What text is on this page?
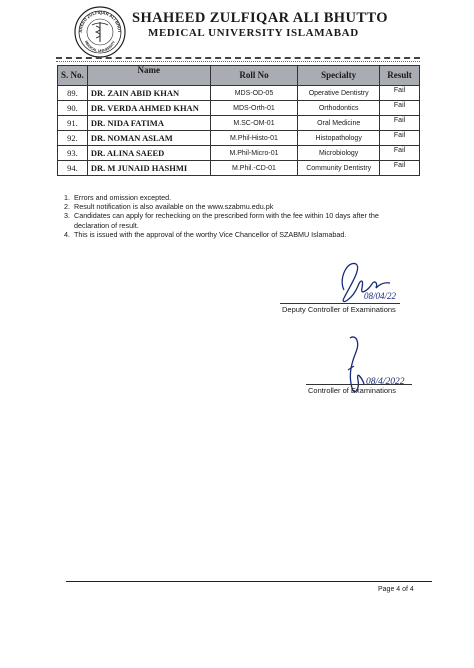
AHEED ZULFIQAR ALI BHUT
MEDICAL UNIVERSITY
SHAHEED ZULFIQAR ALI BHUTTO
MEDICAL UNIVERSITY ISLAMABAD
S. No.	Name	Roll No	Specialty	Result
89.	DR. ZAIN ABID KHAN	MDS-OD-05	Operative Dentistry	Fail
90.	DR. VERDA AHMED KHAN	MDS-Orth-01	Orthodontics	Fail
91.	DR. NIDA FATIMA	M.SC-OM-01	Oral Medicine	Fail
92.	DR. NOMAN ASLAM	M.Phil-Histo-01	Histopathology	Fail
93.	DR. ALINA SAEED	M.Phil-Micro-01	Microbiology	Fail
94.	DR. M JUNAID HASHMI	M.Phil.-CD-01	Community Dentistry	Fail
1. Errors and omission excepted.
2. Result notification is also available on the www.szabmu.edu.pk
3. Candidates can apply for rechecking on the prescribed form with the fee within 10 days after the declaration of result.
4. This is issued with the approval of the worthy Vice Chancellor of SZABMU Islamabad.
08/04/22
Deputy Controller of Examinations
08/4/2022
Controller of Examinations
Page 4 of 4
